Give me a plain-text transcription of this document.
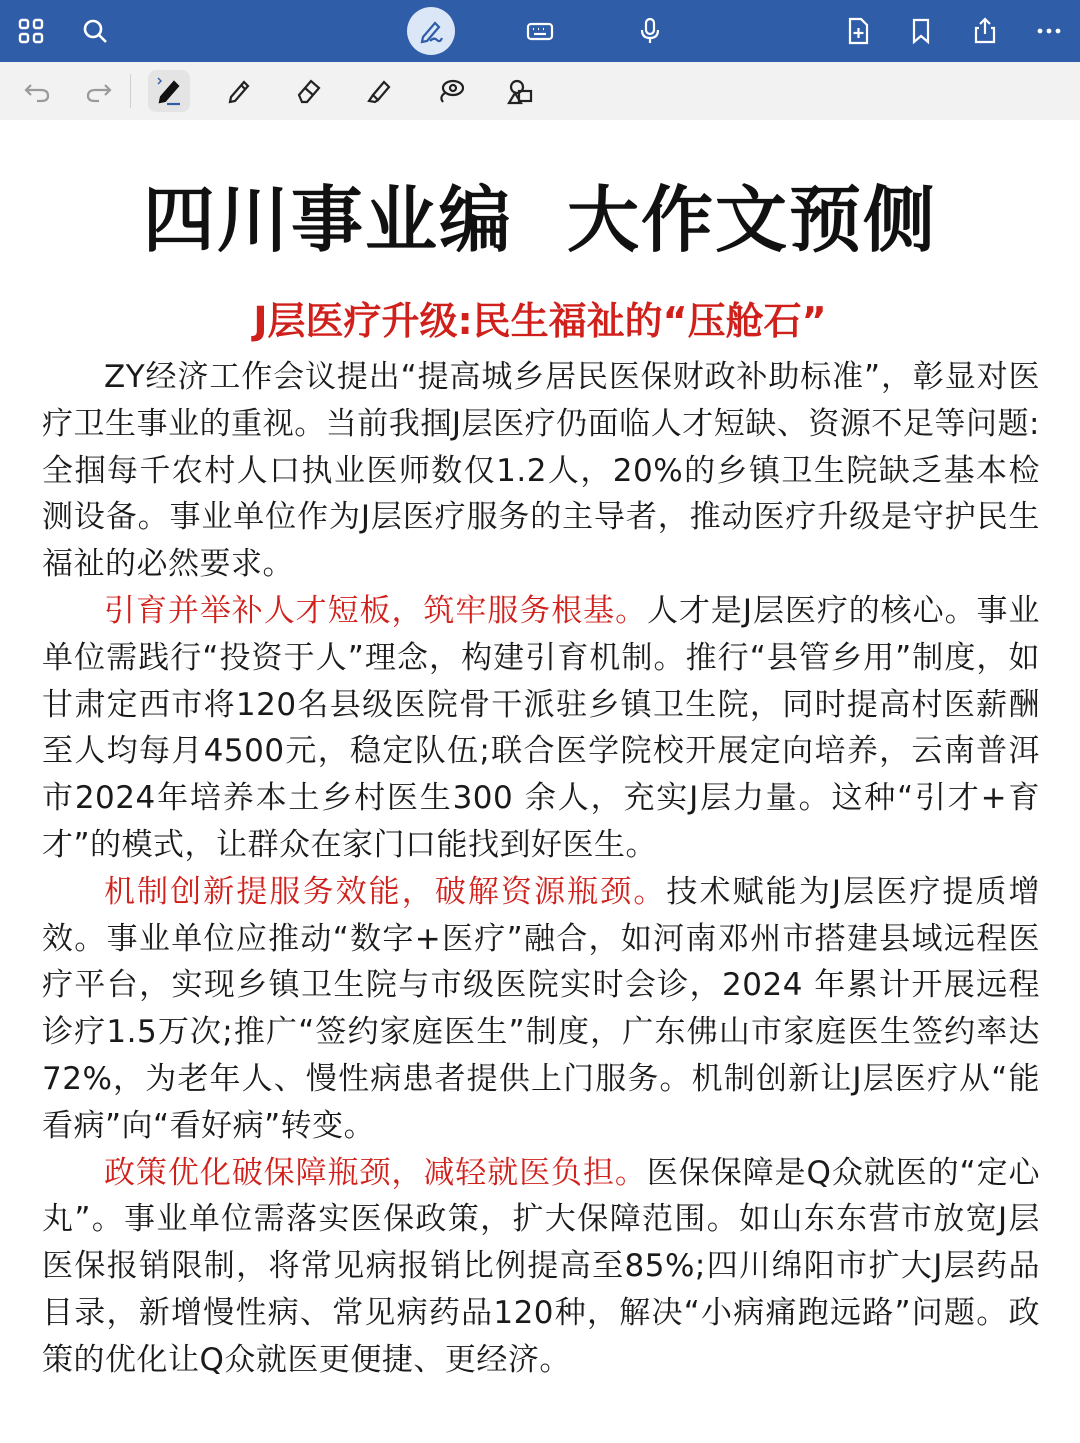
四川事业编  大作文预侧
J层医疗升级:民生福祉的“压舱石”

ZY经济工作会议提出“提高城乡居民医保财政补助标准”，彰显对医疗卫生事业的重视。当前我掴J层医疗仍面临人才短缺、资源不足等问题:全掴每千农村人口执业医师数仅1.2人，20%的乡镇卫生院缺乏基本检测设备。事业单位作为J层医疗服务的主导者，推动医疗升级是守护民生福祉的必然要求。

引育并举补人才短板，筑牢服务根基。人才是J层医疗的核心。事业单位需践行“投资于人”理念，构建引育机制。推行“县管乡用”制度，如甘肃定西市将120名县级医院骨干派驻乡镇卫生院，同时提高村医薪酬至人均每月4500元，稳定队伍;联合医学院校开展定向培养，云南普洱市2024年培养本土乡村医生300 余人，充实J层力量。这种“引才+育才”的模式，让群众在家门口能找到好医生。

机制创新提服务效能，破解资源瓶颈。技术赋能为J层医疗提质增效。事业单位应推动“数字+医疗”融合，如河南邓州市搭建县域远程医疗平台，实现乡镇卫生院与市级医院实时会诊，2024 年累计开展远程诊疗1.5万次;推广“签约家庭医生”制度，广东佛山市家庭医生签约率达72%，为老年人、慢性病患者提供上门服务。机制创新让J层医疗从“能看病”向“看好病”转变。

政策优化破保障瓶颈，减轻就医负担。医保保障是Q众就医的“定心丸”。事业单位需落实医保政策，扩大保障范围。如山东东营市放宽J层医保报销限制，将常见病报销比例提高至85%;四川绵阳市扩大J层药品目录，新增慢性病、常见病药品120种，解决“小病痛跑远路”问题。政策的优化让Q众就医更便捷、更经济。
